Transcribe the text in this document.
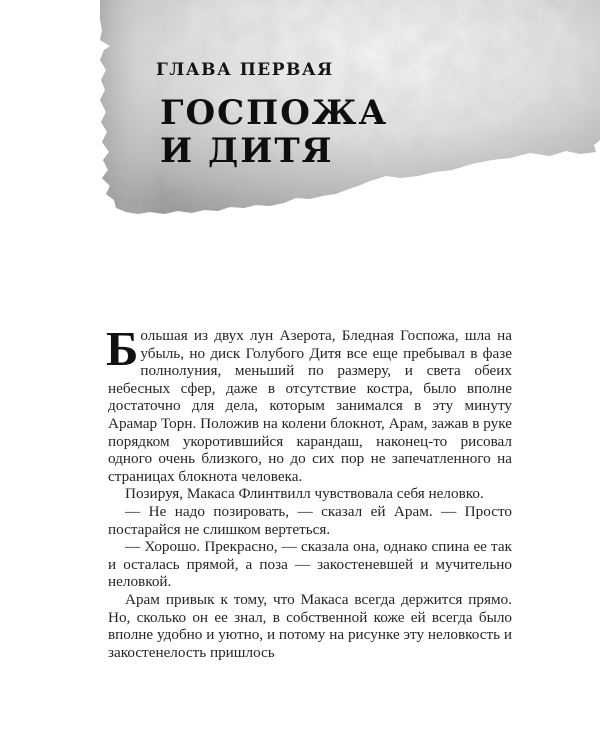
ГЛАВА ПЕРВАЯ
ГОСПОЖА
И ДИТЯ

Большая из двух лун Азерота, Бледная Госпожа, шла на убыль, но диск Голубого Дитя все еще пребывал в фазе полнолуния, меньший по размеру, и света обеих небесных сфер, даже в отсутствие костра, было вполне достаточно для дела, которым занимался в эту минуту Арамар Торн. Положив на колени блокнот, Арам, зажав в руке порядком укоротившийся карандаш, наконец-то рисовал одного очень близкого, но до сих пор не запечатленного на страницах блокнота человека.

Позируя, Макаса Флинтвилл чувствовала себя неловко.

— Не надо позировать, — сказал ей Арам. — Просто постарайся не слишком вертеться.

— Хорошо. Прекрасно, — сказала она, однако спина ее так и осталась прямой, а поза — закостеневшей и мучительно неловкой.

Арам привык к тому, что Макаса всегда держится прямо. Но, сколько он ее знал, в собственной коже ей всегда было вполне удобно и уютно, и потому на рисунке эту неловкость и закостенелость пришлось
